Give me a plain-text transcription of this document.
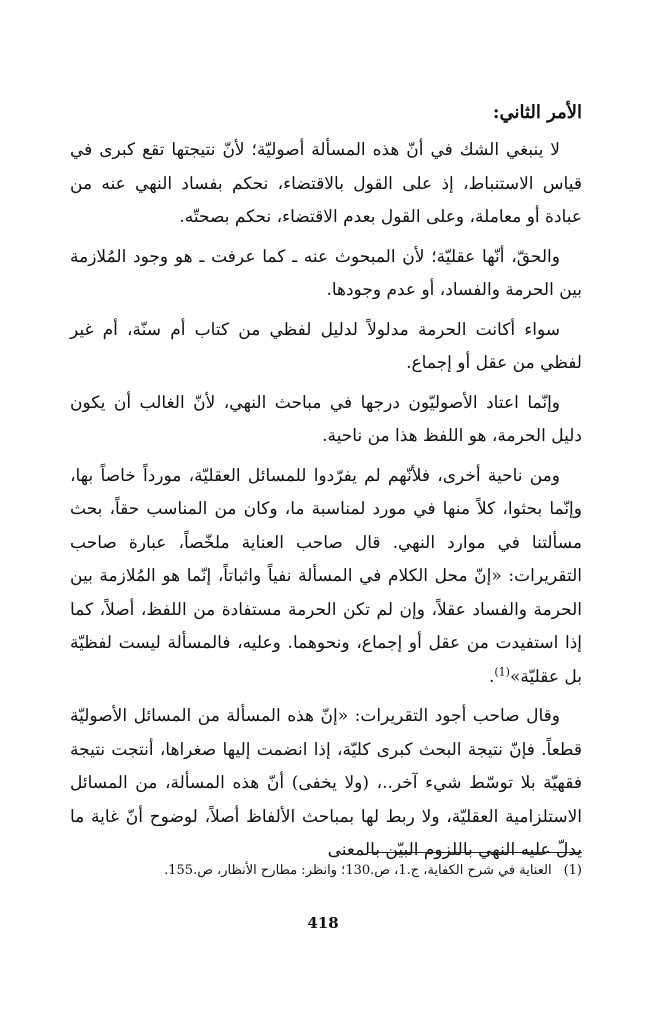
الأمر الثاني:

لا ينبغي الشك في أنّ هذه المسألة أصوليّة؛ لأنّ نتيجتها تقع كبرى في قياس الاستنباط، إذ على القول بالاقتضاء، نحكم بفساد النهي عنه من عبادة أو معاملة، وعلى القول بعدم الاقتضاء، نحكم بصحتّه.

والحقّ، أنّها عقليّة؛ لأن المبحوث عنه ـ كما عرفت ـ هو وجود المُلازمة بين الحرمة والفساد، أو عدم وجودها.

سواء أكانت الحرمة مدلولاً لدليل لفظي من كتاب أم سنّة، أم غير لفظي من عقل أو إجماع.

وإنّما اعتاد الأصوليّون درجها في مباحث النهي، لأنّ الغالب أن يكون دليل الحرمة، هو اللفظ هذا من ناحية.

ومن ناحية أخرى، فلأنّهم لم يفرّدوا للمسائل العقليّة، مورداً خاصاً بها، وإنّما بحثوا، كلاً منها في مورد لمناسبة ما، وكان من المناسب حقاً، بحث مسألتنا في موارد النهي. قال صاحب العناية ملخّصاً، عبارة صاحب التقريرات: «إنّ محل الكلام في المسألة نفياً واثباتاً، إنّما هو المُلازمة بين الحرمة والفساد عقلاً، وإن لم تكن الحرمة مستفادة من اللفظ، أصلاً، كما إذا استفيدت من عقل أو إجماع، ونحوهما. وعليه، فالمسألة ليست لفظيّة بل عقليّة»$^{(1)}$.

وقال صاحب أجود التقريرات: «إنّ هذه المسألة من المسائل الأصوليّة قطعاً. فإنّ نتيجة البحث كبرى كليّة، إذا انضمت إليها صغراها، أنتجت نتيجة فقهيّة بلا توسّط شيء آخر..، (ولا يخفى) أنّ هذه المسألة، من المسائل الاستلزامية العقليّة، ولا ربط لها بمباحث الألفاظ أصلاً، لوضوح أنّ غاية ما يدلّ عليه النهي باللزوم البيّن بالمعنى

(1)العناية في شرح الكفاية، ج.1، ص.130؛ وانظر: مطارح الأنظار، ص.155.
418
